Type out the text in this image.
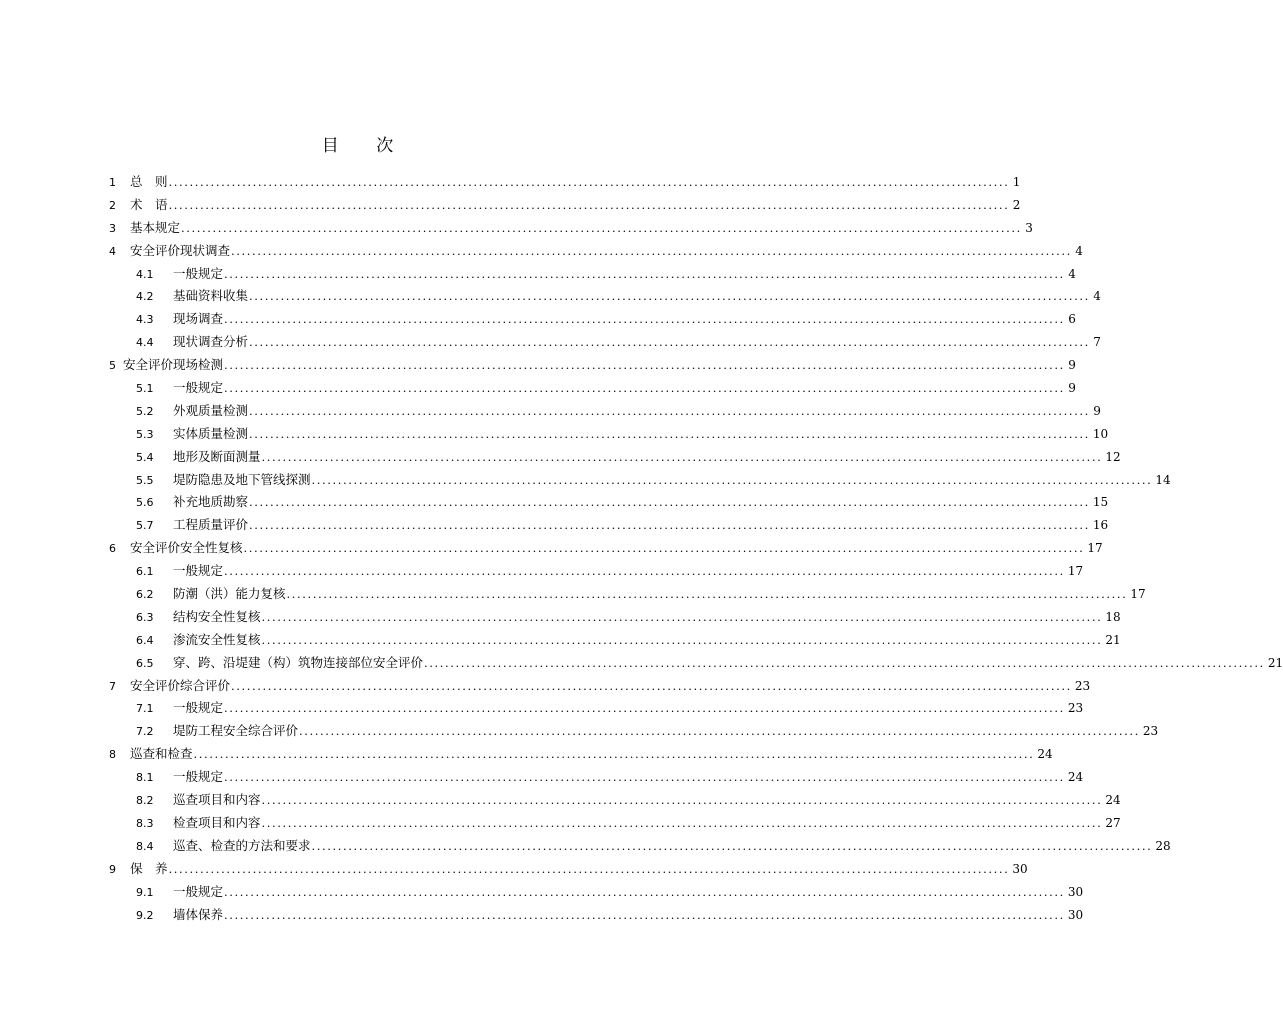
目 次
1	总　则 ................................................................................................................................................................ 1
2	术　语 ................................................................................................................................................................ 2
3	基本规定 ................................................................................................................................................................ 3
4	安全评价现状调查 ................................................................................................................................................................ 4
4.1	一般规定 ................................................................................................................................................................ 4
4.2	基础资料收集 ................................................................................................................................................................ 4
4.3	现场调查 ................................................................................................................................................................ 6
4.4	现状调查分析 ................................................................................................................................................................ 7
5 安全评价现场检测 ................................................................................................................................................................ 9
5.1	一般规定 ................................................................................................................................................................ 9
5.2	外观质量检测 ................................................................................................................................................................ 9
5.3	实体质量检测 ................................................................................................................................................................ 10
5.4	地形及断面测量 ................................................................................................................................................................ 12
5.5	堤防隐患及地下管线探测 ................................................................................................................................................................ 14
5.6	补充地质勘察 ................................................................................................................................................................ 15
5.7	工程质量评价 ................................................................................................................................................................ 16
6	安全评价安全性复核 ................................................................................................................................................................ 17
6.1	一般规定 ................................................................................................................................................................ 17
6.2	防潮（洪）能力复核 ................................................................................................................................................................ 17
6.3	结构安全性复核 ................................................................................................................................................................ 18
6.4	渗流安全性复核 ................................................................................................................................................................ 21
6.5	穿、跨、沿堤建（构）筑物连接部位安全评价 ................................................................................................................................................................ 21
7	安全评价综合评价 ................................................................................................................................................................ 23
7.1	一般规定 ................................................................................................................................................................ 23
7.2	堤防工程安全综合评价 ................................................................................................................................................................ 23
8	巡查和检查 ................................................................................................................................................................ 24
8.1	一般规定 ................................................................................................................................................................ 24
8.2	巡查项目和内容 ................................................................................................................................................................ 24
8.3	检查项目和内容 ................................................................................................................................................................ 27
8.4	巡查、检查的方法和要求 ................................................................................................................................................................ 28
9	保　养 ................................................................................................................................................................ 30
9.1	一般规定 ................................................................................................................................................................ 30
9.2	墙体保养 ................................................................................................................................................................ 30
